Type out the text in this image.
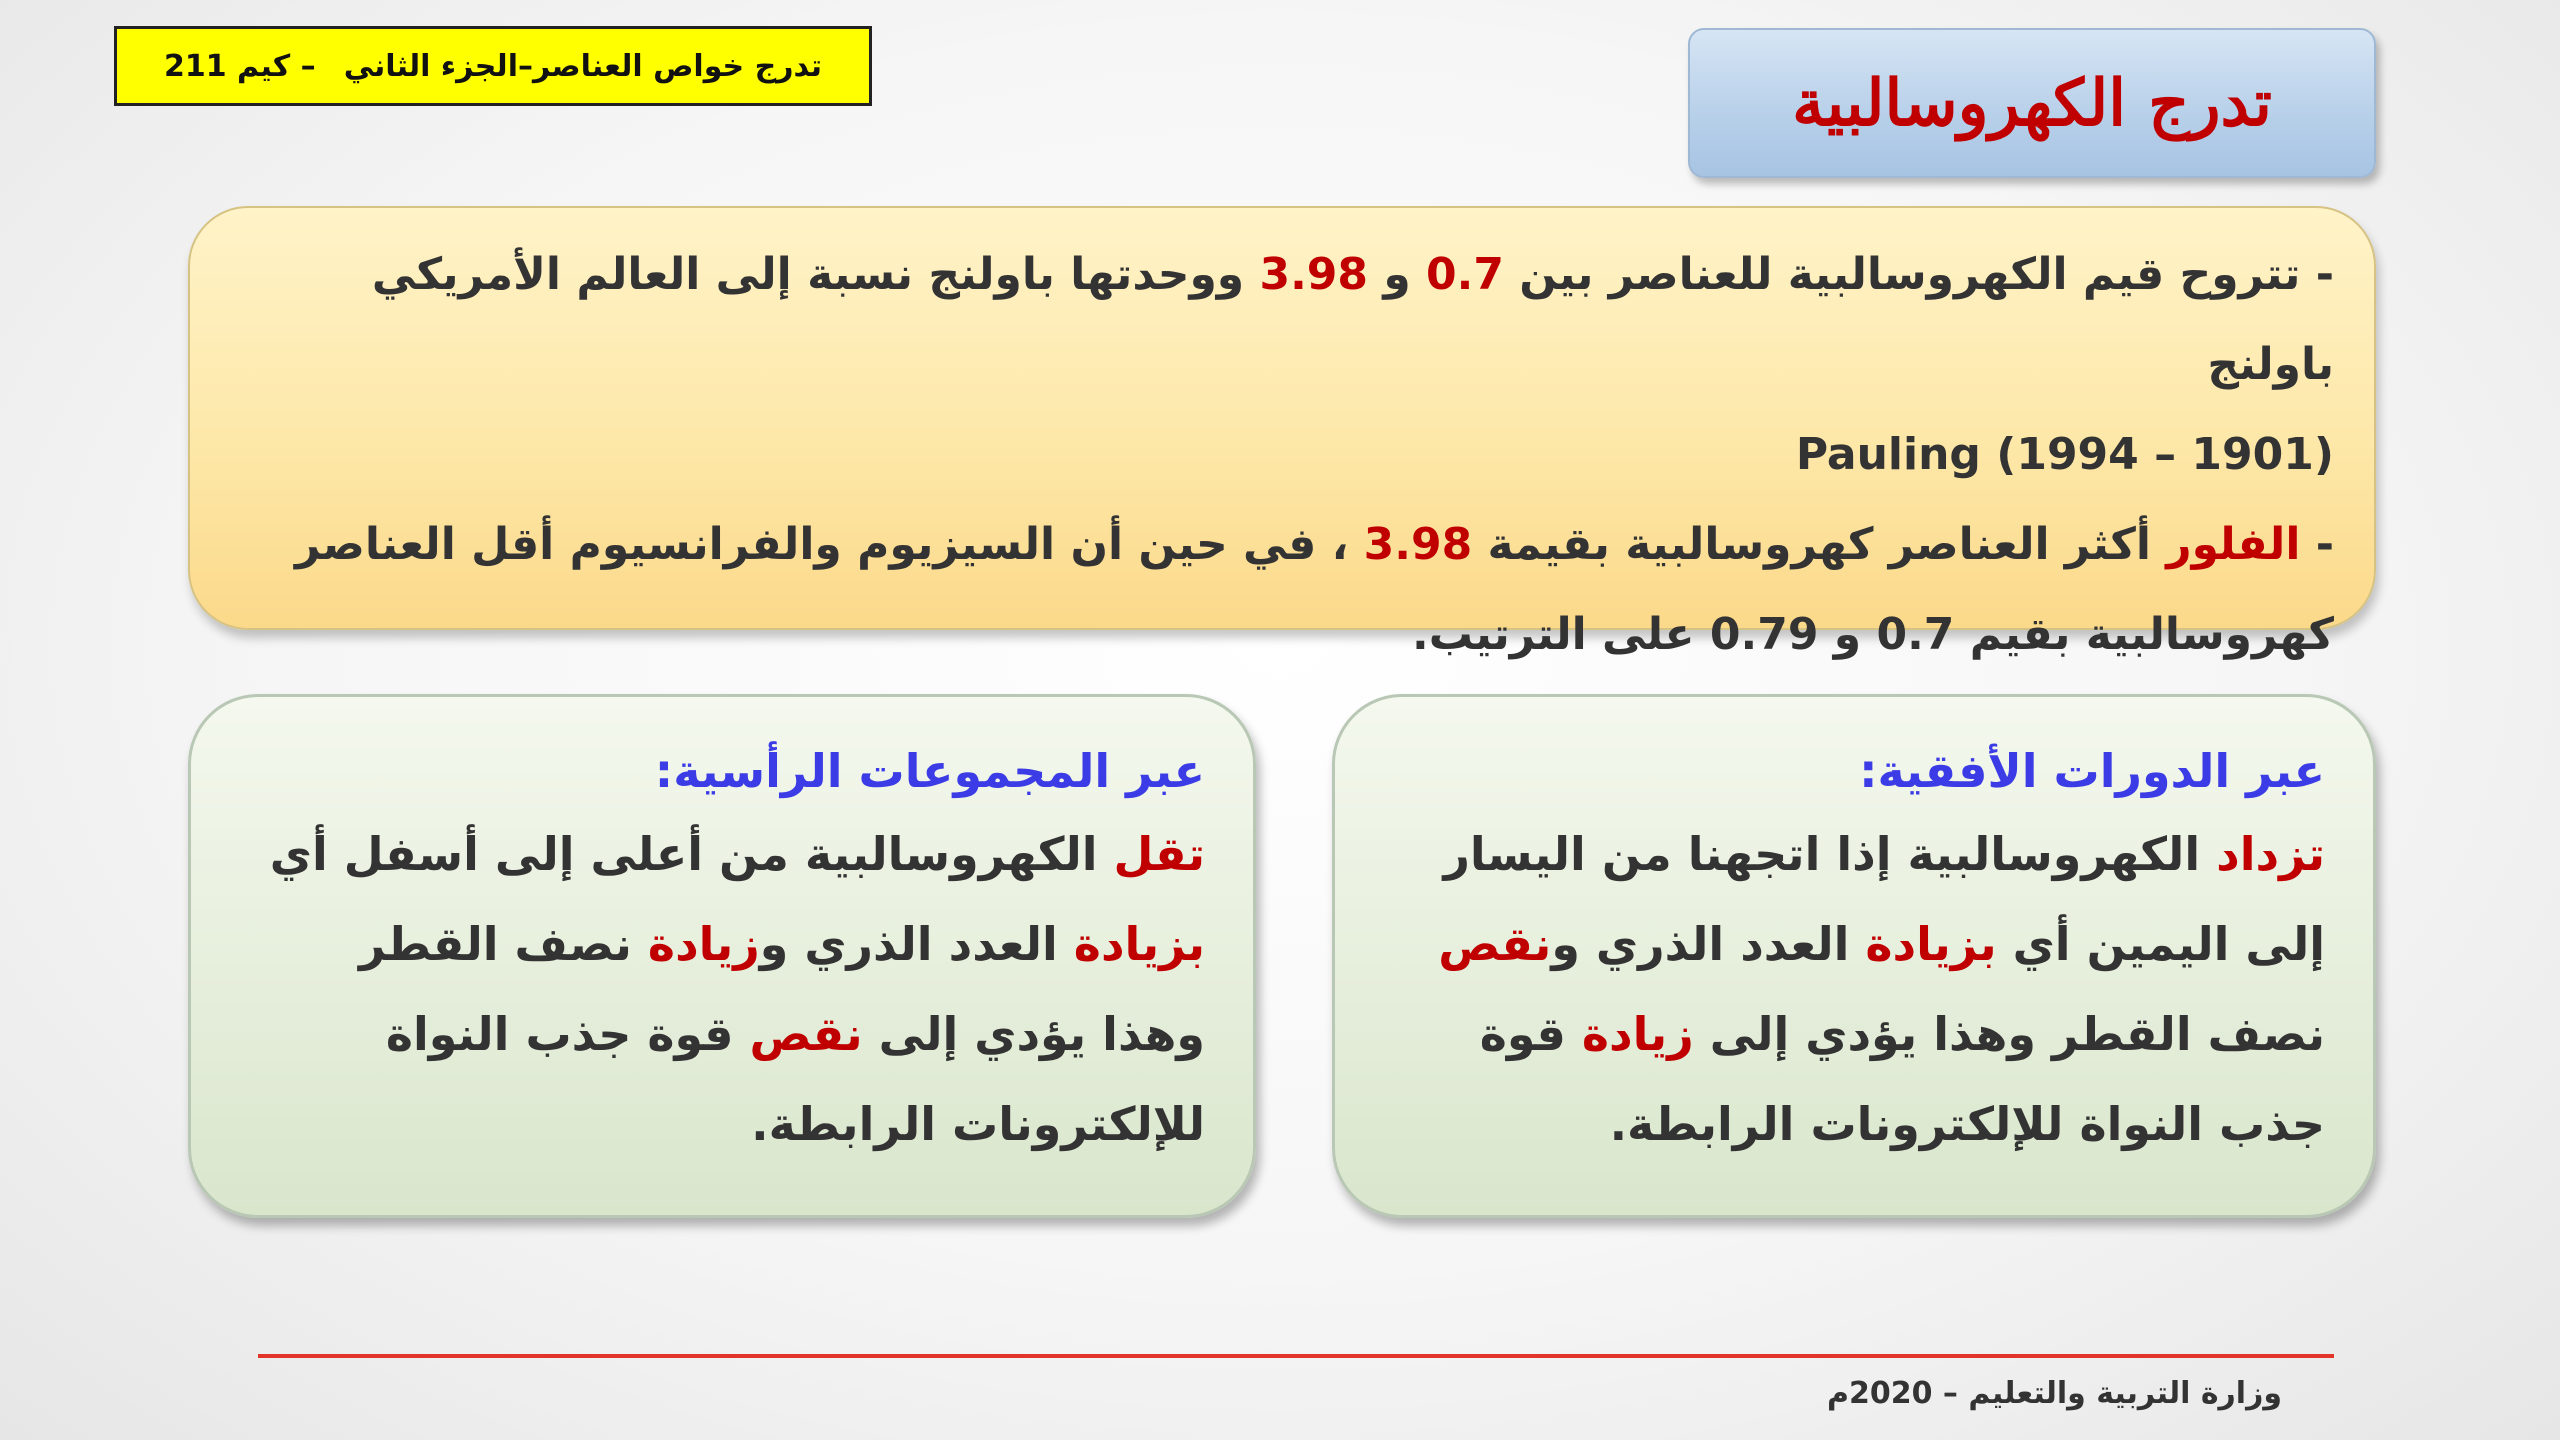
تدرج خواص العناصر–الجزء الثاني
– كيم 211	تدرج الكهروسالبية

- تتروح قيم الكهروسالبية للعناصر بين 0.7 و 3.98 ووحدتها باولنج نسبة إلى العالم الأمريكي باولنج

Pauling (1994 – 1901)

- الفلور أكثر العناصر كهروسالبية بقيمة 3.98 ، في حين أن السيزيوم والفرانسيوم أقل العناصر كهروسالبية بقيم 0.7 و 0.79 على الترتيب.

عبر المجموعات الرأسية:
تقل الكهروسالبية من أعلى إلى أسفل أي بزيادة العدد الذري وزيادة نصف القطر وهذا يؤدي إلى نقص قوة جذب النواة للإلكترونات الرابطة.
عبر الدورات الأفقية:
تزداد الكهروسالبية إذا اتجهنا من اليسار إلى اليمين أي بزيادة العدد الذري ونقص نصف القطر وهذا يؤدي إلى زيادة قوة جذب النواة للإلكترونات الرابطة.
وزارة التربية والتعليم – 2020م
